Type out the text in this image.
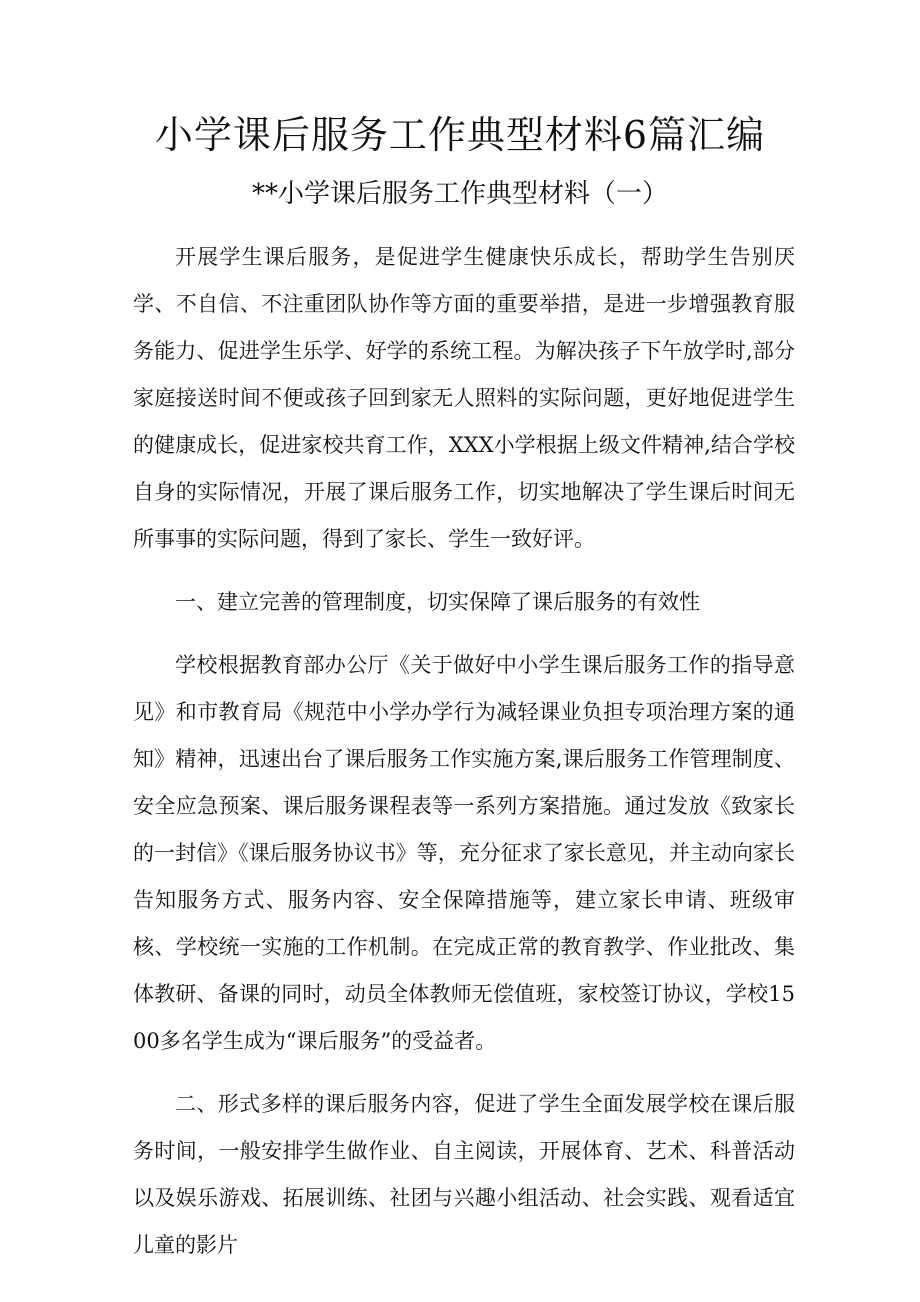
小学课后服务工作典型材料6篇汇编
**小学课后服务工作典型材料（一）

开展学生课后服务，是促进学生健康快乐成长，帮助学生告别厌学、不自信、不注重团队协作等方面的重要举措，是进一步增强教育服务能力、促进学生乐学、好学的系统工程。为解决孩子下午放学时,部分家庭接送时间不便或孩子回到家无人照料的实际问题，更好地促进学生的健康成长，促进家校共育工作，XXX小学根据上级文件精神,结合学校自身的实际情况，开展了课后服务工作，切实地解决了学生课后时间无所事事的实际问题，得到了家长、学生一致好评。

一、建立完善的管理制度，切实保障了课后服务的有效性

学校根据教育部办公厅《关于做好中小学生课后服务工作的指导意见》和市教育局《规范中小学办学行为减轻课业负担专项治理方案的通知》精神，迅速出台了课后服务工作实施方案,课后服务工作管理制度、安全应急预案、课后服务课程表等一系列方案措施。通过发放《致家长的一封信》《课后服务协议书》等，充分征求了家长意见，并主动向家长告知服务方式、服务内容、安全保障措施等，建立家长申请、班级审核、学校统一实施的工作机制。在完成正常的教育教学、作业批改、集体教研、备课的同时，动员全体教师无偿值班，家校签订协议，学校1500多名学生成为“课后服务”的受益者。

二、形式多样的课后服务内容，促进了学生全面发展学校在课后服务时间，一般安排学生做作业、自主阅读，开展体育、艺术、科普活动以及娱乐游戏、拓展训练、社团与兴趣小组活动、社会实践、观看适宜儿童的影片
